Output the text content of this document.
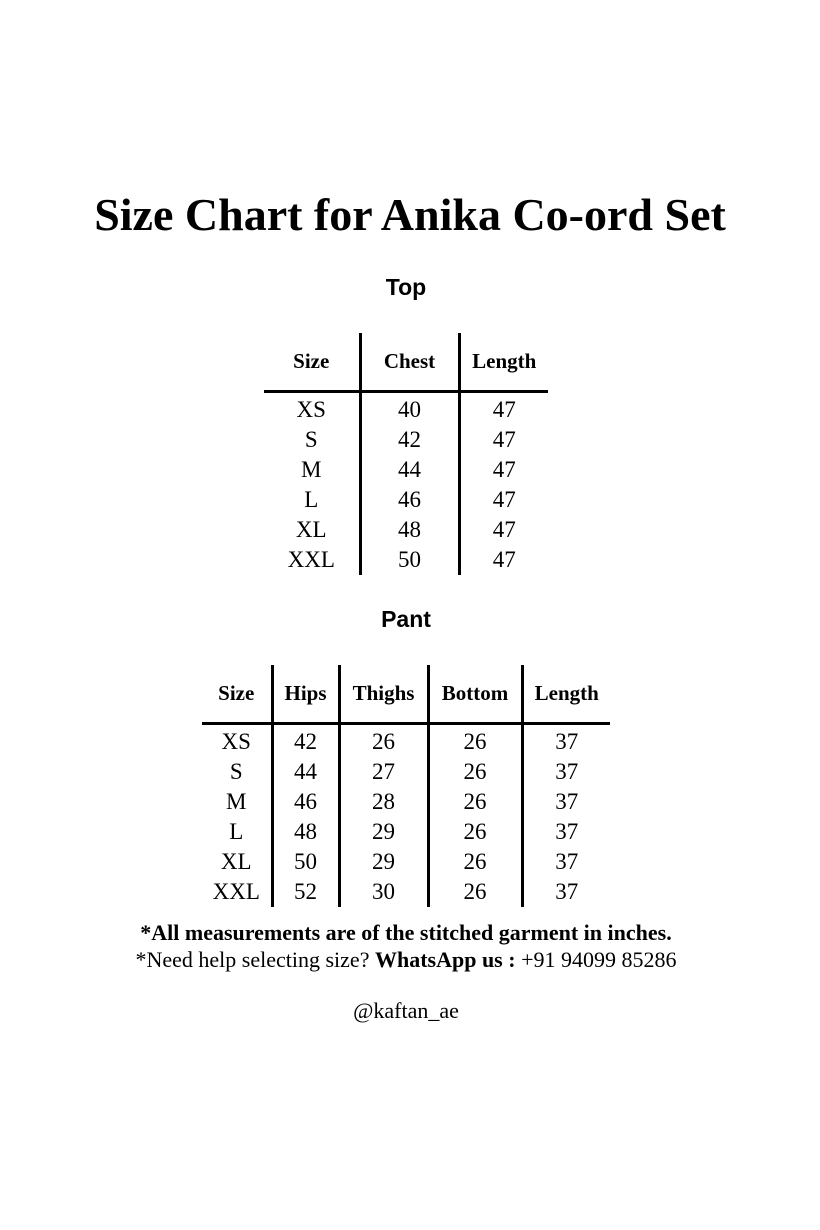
Size Chart for Anika Co-ord Set
Top
Size	Chest	Length
XS	40	47
S	42	47
M	44	47
L	46	47
XL	48	47
XXL	50	47
Pant
Size	Hips	Thighs	Bottom	Length
XS	42	26	26	37
S	44	27	26	37
M	46	28	26	37
L	48	29	26	37
XL	50	29	26	37
XXL	52	30	26	37

*All measurements are of the stitched garment in inches.

*Need help selecting size? WhatsApp us : +91 94099 85286

@kaftan_ae
